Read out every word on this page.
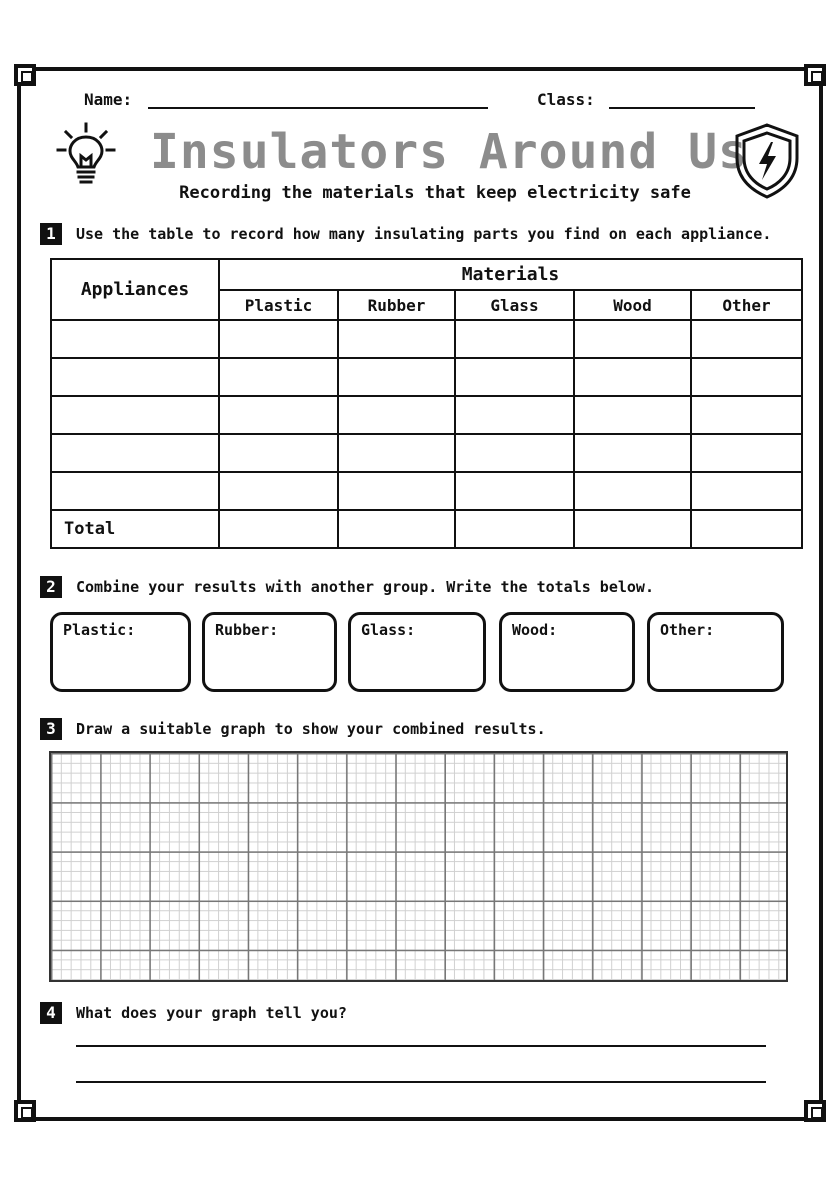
Name:	Class:
Insulators Around Us
Recording the materials that keep electricity safe
1	Use the table to record how many insulating parts you find on each appliance.
Appliances	Materials				
	Plastic	Rubber	Glass	Wood	Other

Total					
2	Combine your results with another group. Write the totals below.
Plastic:	Rubber:	Glass:	Wood:	Other:
3	Draw a suitable graph to show your combined results.
4	What does your graph tell you?
